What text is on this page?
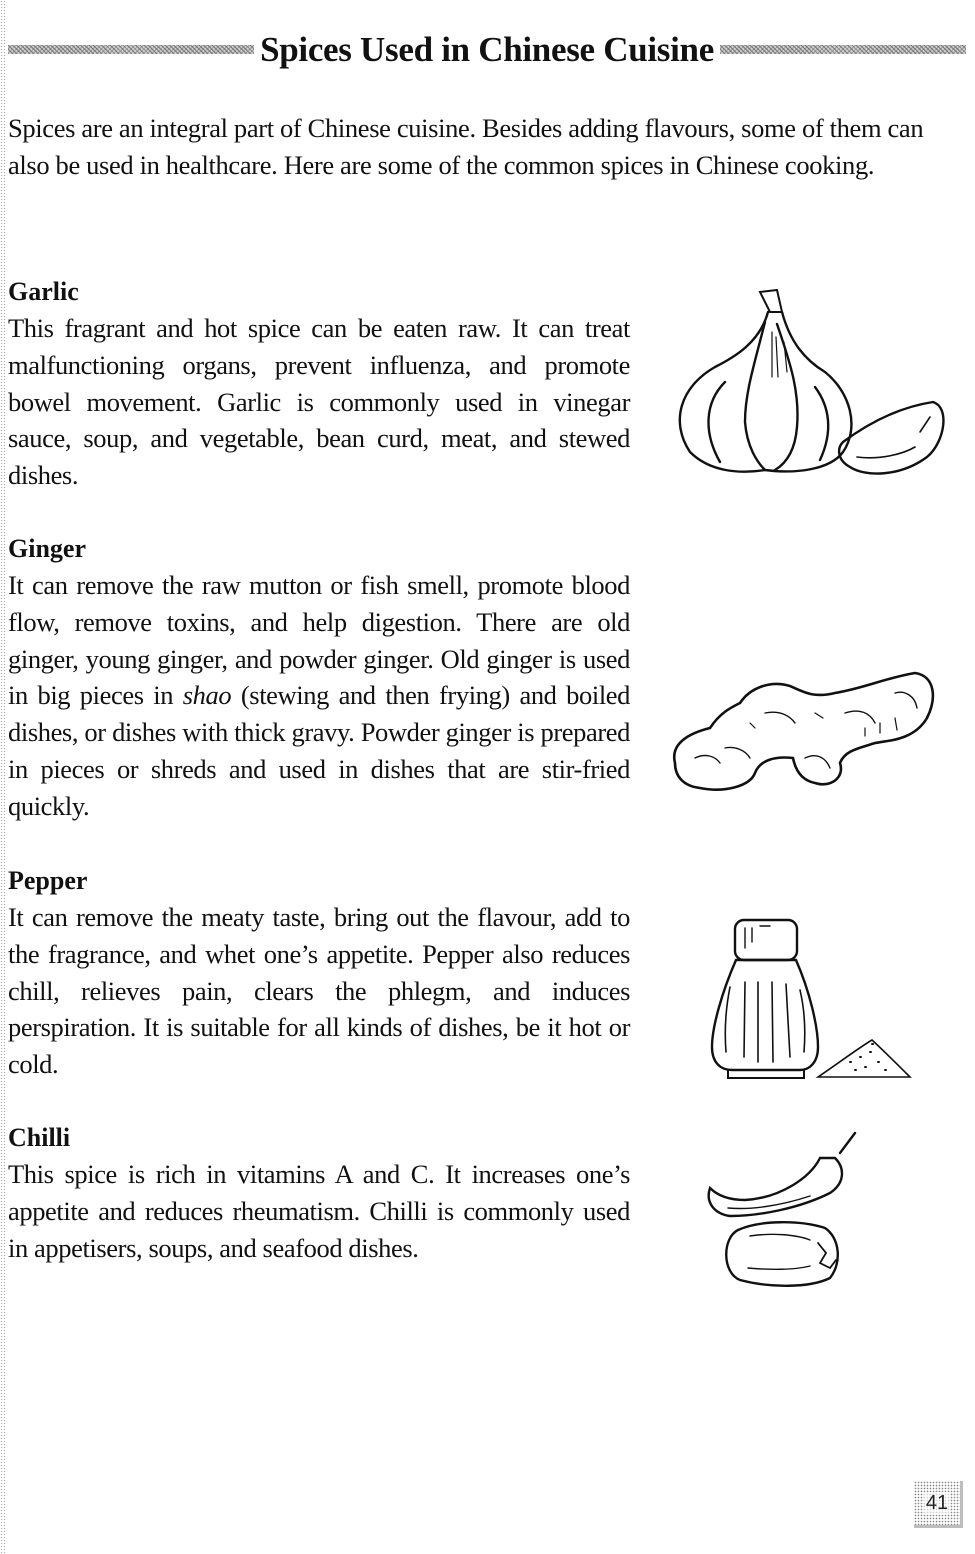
Spices Used in Chinese Cuisine

Spices are an integral part of Chinese cuisine. Besides adding flavours, some of them can also be used in healthcare. Here are some of the common spices in Chinese cooking.

Garlic

This fragrant and hot spice can be eaten raw. It can treat malfunctioning organs, prevent influenza, and promote bowel movement. Garlic is commonly used in vinegar sauce, soup, and vegetable, bean curd, meat, and stewed dishes.

Ginger

It can remove the raw mutton or fish smell, promote blood flow, remove toxins, and help digestion. There are old ginger, young ginger, and powder ginger. Old ginger is used in big pieces in shao (stewing and then frying) and boiled dishes, or dishes with thick gravy. Powder ginger is prepared in pieces or shreds and used in dishes that are stir-fried quickly.

Pepper

It can remove the meaty taste, bring out the flavour, add to the fragrance, and whet one’s appetite. Pepper also reduces chill, relieves pain, clears the phlegm, and induces perspiration. It is suitable for all kinds of dishes, be it hot or cold.

Chilli

This spice is rich in vitamins A and C. It increases one’s appetite and reduces rheumatism. Chilli is commonly used in appetisers, soups, and seafood dishes.

41
